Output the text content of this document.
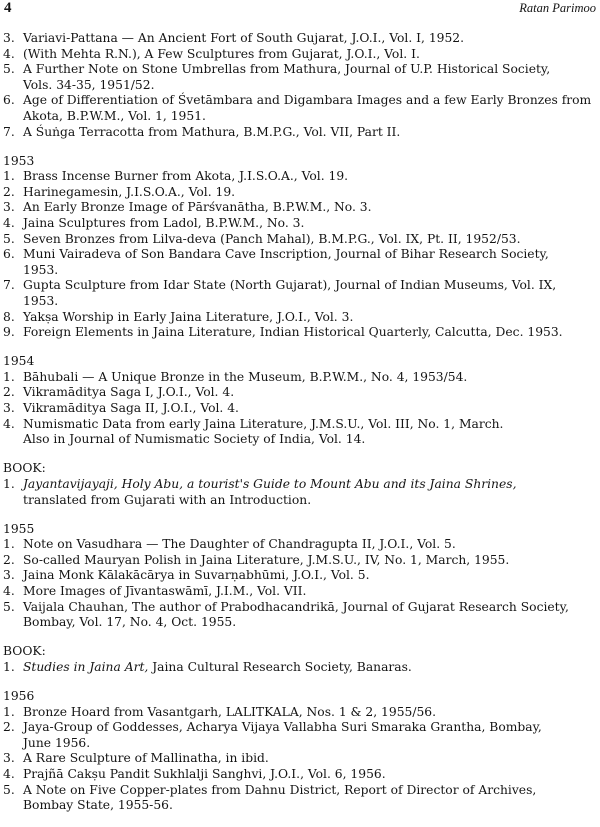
4	Ratan Parimoo
3. Variavi-Pattana — An Ancient Fort of South Gujarat, J.O.I., Vol. I, 1952.
4. (With Mehta R.N.), A Few Sculptures from Gujarat, J.O.I., Vol. I.
5. A Further Note on Stone Umbrellas from Mathura, Journal of U.P. Historical Society,
Vols. 34-35, 1951/52.
6. Age of Differentiation of Śvetāmbara and Digambara Images and a few Early Bronzes from
Akota, B.P.W.M., Vol. 1, 1951.
7. A Śuṅga Terracotta from Mathura, B.M.P.G., Vol. VII, Part II.
1953
1. Brass Incense Burner from Akota, J.I.S.O.A., Vol. 19.
2. Harinegamesin, J.I.S.O.A., Vol. 19.
3. An Early Bronze Image of Pārśvanātha, B.P.W.M., No. 3.
4. Jaina Sculptures from Ladol, B.P.W.M., No. 3.
5. Seven Bronzes from Lilva-deva (Panch Mahal), B.M.P.G., Vol. IX, Pt. II, 1952/53.
6. Muni Vairadeva of Son Bandara Cave Inscription, Journal of Bihar Research Society,
1953.
7. Gupta Sculpture from Idar State (North Gujarat), Journal of Indian Museums, Vol. IX,
1953.
8. Yakṣa Worship in Early Jaina Literature, J.O.I., Vol. 3.
9. Foreign Elements in Jaina Literature, Indian Historical Quarterly, Calcutta, Dec. 1953.
1954
1. Bāhubali — A Unique Bronze in the Museum, B.P.W.M., No. 4, 1953/54.
2. Vikramāditya Saga I, J.O.I., Vol. 4.
3. Vikramāditya Saga II, J.O.I., Vol. 4.
4. Numismatic Data from early Jaina Literature, J.M.S.U., Vol. III, No. 1, March.
Also in Journal of Numismatic Society of India, Vol. 14.
BOOK:
1. Jayantavijayaji, Holy Abu, a tourist's Guide to Mount Abu and its Jaina Shrines,
translated from Gujarati with an Introduction.
1955
1. Note on Vasudhara — The Daughter of Chandragupta II, J.O.I., Vol. 5.
2. So-called Mauryan Polish in Jaina Literature, J.M.S.U., IV, No. 1, March, 1955.
3. Jaina Monk Kālakācārya in Suvarṇabhūmi, J.O.I., Vol. 5.
4. More Images of Jīvantaswāmī, J.I.M., Vol. VII.
5. Vaijala Chauhan, The author of Prabodhacandrikā, Journal of Gujarat Research Society,
Bombay, Vol. 17, No. 4, Oct. 1955.
BOOK:
1. Studies in Jaina Art, Jaina Cultural Research Society, Banaras.
1956
1. Bronze Hoard from Vasantgarh, LALITKALA, Nos. 1 & 2, 1955/56.
2. Jaya-Group of Goddesses, Acharya Vijaya Vallabha Suri Smaraka Grantha, Bombay,
June 1956.
3. A Rare Sculpture of Mallinatha, in ibid.
4. Prajñā Cakṣu Pandit Sukhlalji Sanghvi, J.O.I., Vol. 6, 1956.
5. A Note on Five Copper-plates from Dahnu District, Report of Director of Archives,
Bombay State, 1955-56.
